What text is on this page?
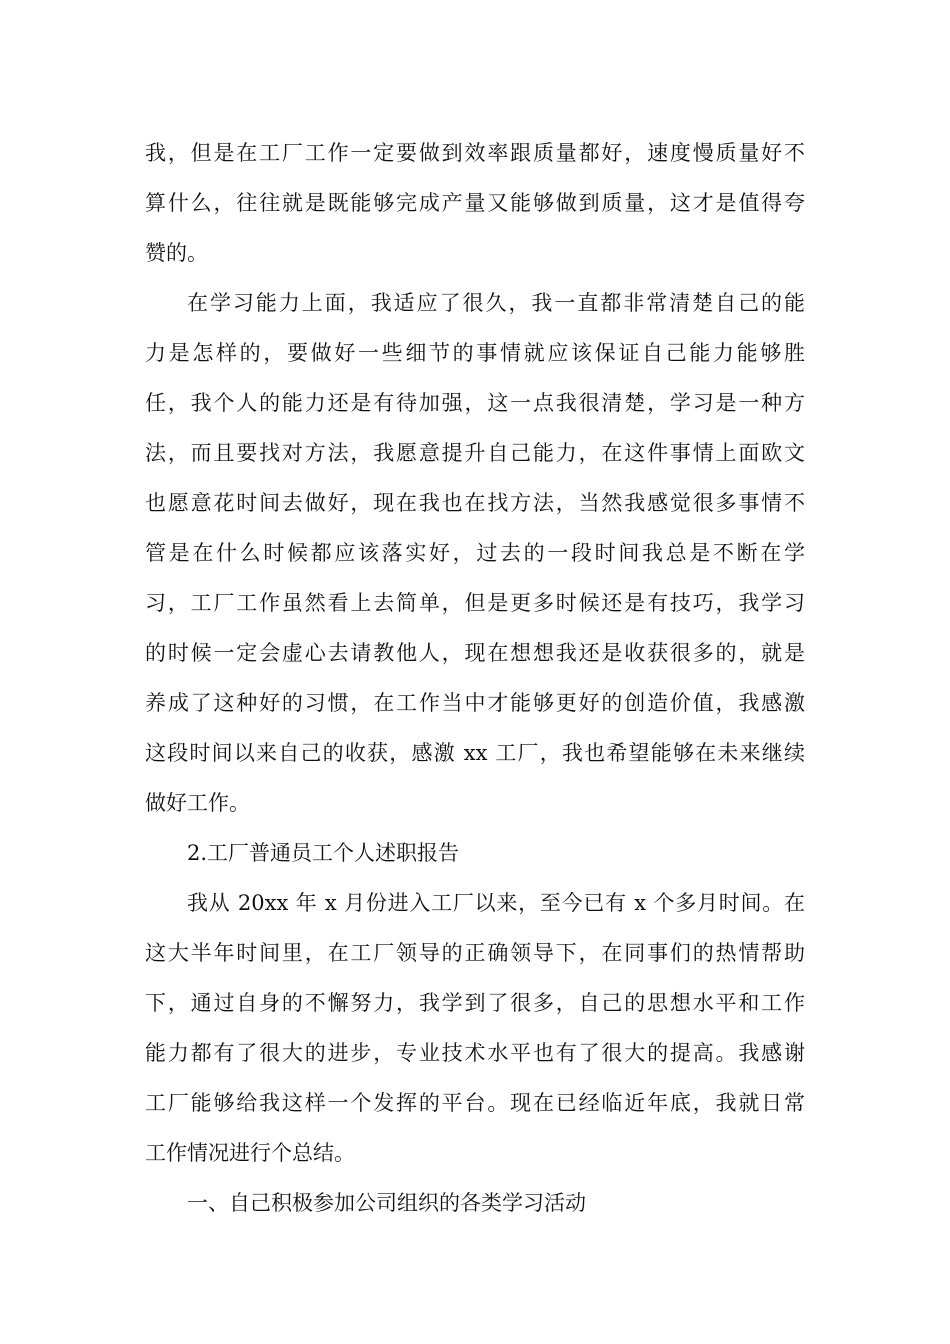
我，但是在工厂工作一定要做到效率跟质量都好，速度慢质量好不
算什么，往往就是既能够完成产量又能够做到质量，这才是值得夸
赞的。
在学习能力上面，我适应了很久，我一直都非常清楚自己的能
力是怎样的，要做好一些细节的事情就应该保证自己能力能够胜
任，我个人的能力还是有待加强，这一点我很清楚，学习是一种方
法，而且要找对方法，我愿意提升自己能力，在这件事情上面欧文
也愿意花时间去做好，现在我也在找方法，当然我感觉很多事情不
管是在什么时候都应该落实好，过去的一段时间我总是不断在学
习，工厂工作虽然看上去简单，但是更多时候还是有技巧，我学习
的时候一定会虚心去请教他人，现在想想我还是收获很多的，就是
养成了这种好的习惯，在工作当中才能够更好的创造价值，我感激
这段时间以来自己的收获，感激 xx 工厂，我也希望能够在未来继续
做好工作。
2.工厂普通员工个人述职报告
我从 20xx 年 x 月份进入工厂以来，至今已有 x 个多月时间。在
这大半年时间里，在工厂领导的正确领导下，在同事们的热情帮助
下，通过自身的不懈努力，我学到了很多，自己的思想水平和工作
能力都有了很大的进步，专业技术水平也有了很大的提高。我感谢
工厂能够给我这样一个发挥的平台。现在已经临近年底，我就日常
工作情况进行个总结。
一、自己积极参加公司组织的各类学习活动
